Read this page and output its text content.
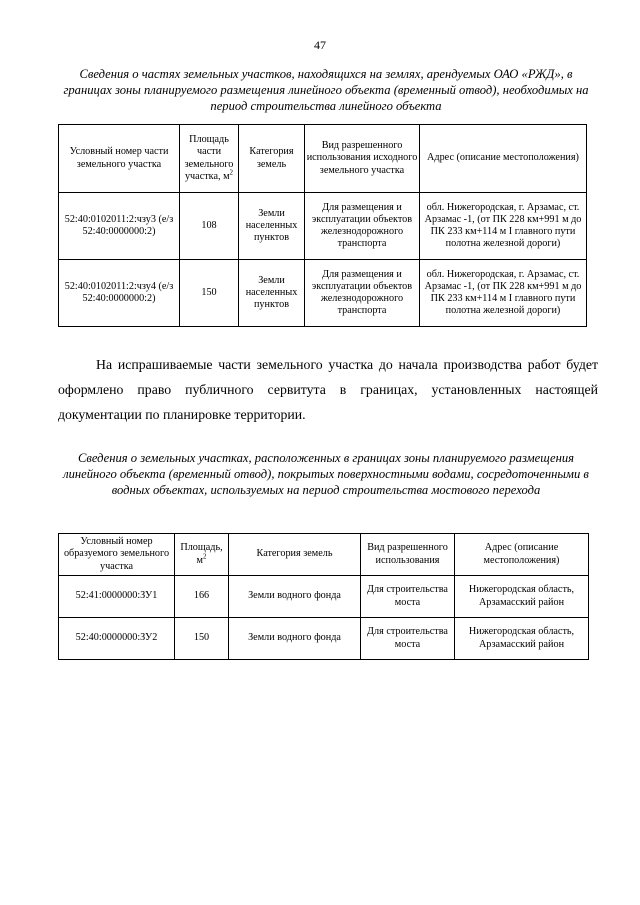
47
Сведения о частях земельных участков, находящихся на землях, арендуемых ОАО «РЖД», в границах зоны планируемого размещения линейного объекта (временный отвод), необходимых на период строительства линейного объекта
Условный номер части земельного участка	Площадь части земельного участка, $м^2$	Категория земель	Вид разрешенного использования исходного земельного участка	Адрес (описание местоположения)
52:40:0102011:2:чзу3 (е/з 52:40:0000000:2)	108	Земли населенных пунктов	Для размещения и эксплуатации объектов железнодорожного транспорта	обл. Нижегородская, г. Арзамас, ст. Арзамас -1, (от ПК 228 км+991 м до ПК 233 км+114 м I главного пути полотна железной дороги)
52:40:0102011:2:чзу4 (е/з 52:40:0000000:2)	150	Земли населенных пунктов	Для размещения и эксплуатации объектов железнодорожного транспорта	обл. Нижегородская, г. Арзамас, ст. Арзамас -1, (от ПК 228 км+991 м до ПК 233 км+114 м I главного пути полотна железной дороги)

На испрашиваемые части земельного участка до начала производства работ будет оформлено право публичного сервитута в границах, установленных настоящей документации по планировке территории.

Сведения о земельных участках, расположенных в границах зоны планируемого размещения линейного объекта (временный отвод), покрытых поверхностными водами, сосредоточенными в водных объектах, используемых на период строительства мостового перехода
Условный номер образуемого земельного участка	Площадь, $м^2$	Категория земель	Вид разрешенного использования	Адрес (описание местоположения)
52:41:0000000:ЗУ1	166	Земли водного фонда	Для строительства моста	Нижегородская область, Арзамасский район
52:40:0000000:ЗУ2	150	Земли водного фонда	Для строительства моста	Нижегородская область, Арзамасский район
